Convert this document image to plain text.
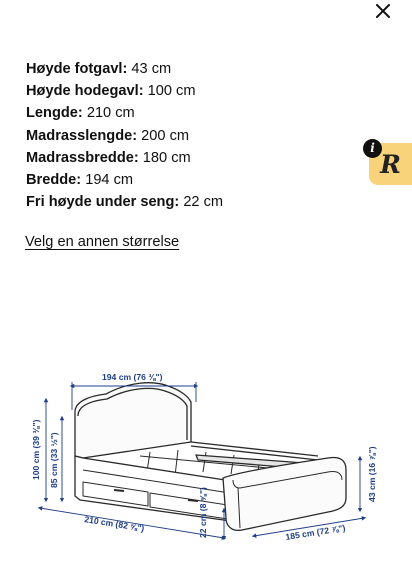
Høyde fotgavl: 43 cm
Høyde hodegavl: 100 cm
Lengde: 210 cm
Madrasslengde: 200 cm
Madrassbredde: 180 cm
Bredde: 194 cm
Fri høyde under seng: 22 cm
Velg en annen størrelse
R
i
194 cm (76 ⅜")
100 cm (39 ⅜") 85 cm (33 ½")
210 cm (82 ⅝")	22 cm (8 ⅝")	185 cm (72 ⅞")
43 cm (16 ⅞")
